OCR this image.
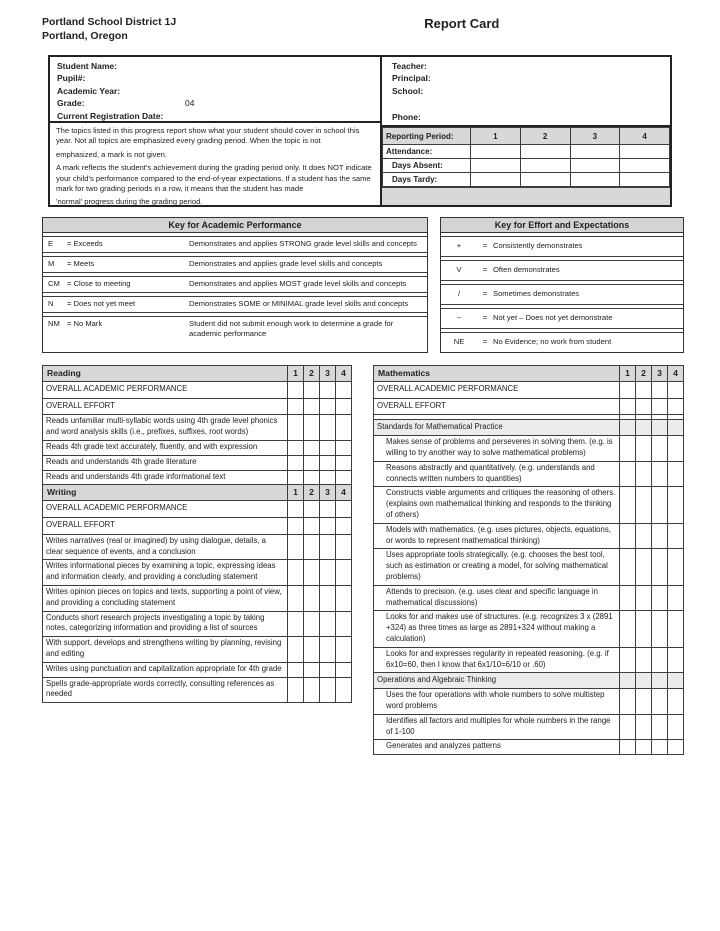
Portland School District 1J
Portland, Oregon
Report Card
Student Name:
Pupil#:
Academic Year:
Grade:	04
Current Registration Date:

The topics listed in this progress report show what your student should cover in school this year. Not all topics are emphasized every grading period. When the topic is not

emphasized, a mark is not given.

A mark reflects the student's achievement during the grading period only. It does NOT indicate your child's performance compared to the end-of-year expectations. If a student has the same mark for two grading periods in a row, it means that the student has made

'normal' progress during the grading period.

Teacher:
Principal:
School:
Phone:
Reporting Period:	1	2	3	4
Attendance:				
Days Absent:				
Days Tardy:				
Key for Academic Performance
E	= Exceeds	Demonstrates and applies STRONG grade level skills and concepts
M	= Meets	Demonstrates and applies grade level skills and concepts
CM = Close to meeting	Demonstrates and applies MOST grade level skills and concepts
N	= Does not yet meet	Demonstrates SOME or MINIMAL grade level skills and concepts
NM = No Mark	Student did not submit enough work to determine a grade for academic performance
Key for Effort and Expectations
+	= Consistently demonstrates
V	= Often demonstrates
/	= Sometimes demonstrates
--	= Not yet – Does not yet demonstrate
NE	= No Evidence; no work from student
Reading	1	2	3	4
OVERALL ACADEMIC PERFORMANCE				
OVERALL EFFORT				
Reads unfamiliar multi-syllabic words using 4th grade level phonics and word analysis skills (i.e., prefixes, suffixes, root words)				
Reads 4th grade text accurately, fluently, and with expression				
Reads and understands 4th grade literature				
Reads and understands 4th grade informational text				
Writing	1	2	3	4
OVERALL ACADEMIC PERFORMANCE				
OVERALL EFFORT				
Writes narratives (real or imagined) by using dialogue, details, a clear sequence of events, and a conclusion				
Writes informational pieces by examining a topic, expressing ideas and information clearly, and providing a concluding statement				
Writes opinion pieces on topics and texts, supporting a point of view, and providing a concluding statement				
Conducts short research projects investigating a topic by taking notes, categorizing information and providing a list of sources				
With support, develops and strengthens writing by planning, revising and editing				
Writes using punctuation and capitalization appropriate for 4th grade				
Spells grade-appropriate words correctly, consulting references as needed				
Mathematics	1	2	3	4
OVERALL ACADEMIC PERFORMANCE				
OVERALL EFFORT				

Standards for Mathematical Practice				
Makes sense of problems and perseveres in solving them. (e.g. is willing to try another way to solve mathematical problems)				
Reasons abstractly and quantitatively. (e.g. understands and connects written numbers to quantities)				
Constructs viable arguments and critiques the reasoning of others. (explains own mathematical thinking and responds to the thinking of others)				
Models with mathematics. (e.g. uses pictures, objects, equations, or words to represent mathematical thinking)				
Uses appropriate tools strategically. (e.g. chooses the best tool, such as estimation or creating a model, for solving mathematical problems)				
Attends to precision. (e.g. uses clear and specific language in mathematical discussions)				
Looks for and makes use of structures. (e.g. recognizes 3 x (2891 +324) as three times as large as 2891+324 without making a calculation)				
Looks for and expresses regularity in repeated reasoning. (e.g. if 6x10=60, then I know that 6x1/10=6/10 or .60)				
Operations and Algebraic Thinking				
Uses the four operations with whole numbers to solve multistep word problems				
Identifies all factors and multiples for whole numbers in the range of 1-100				
Generates and analyzes patterns				
